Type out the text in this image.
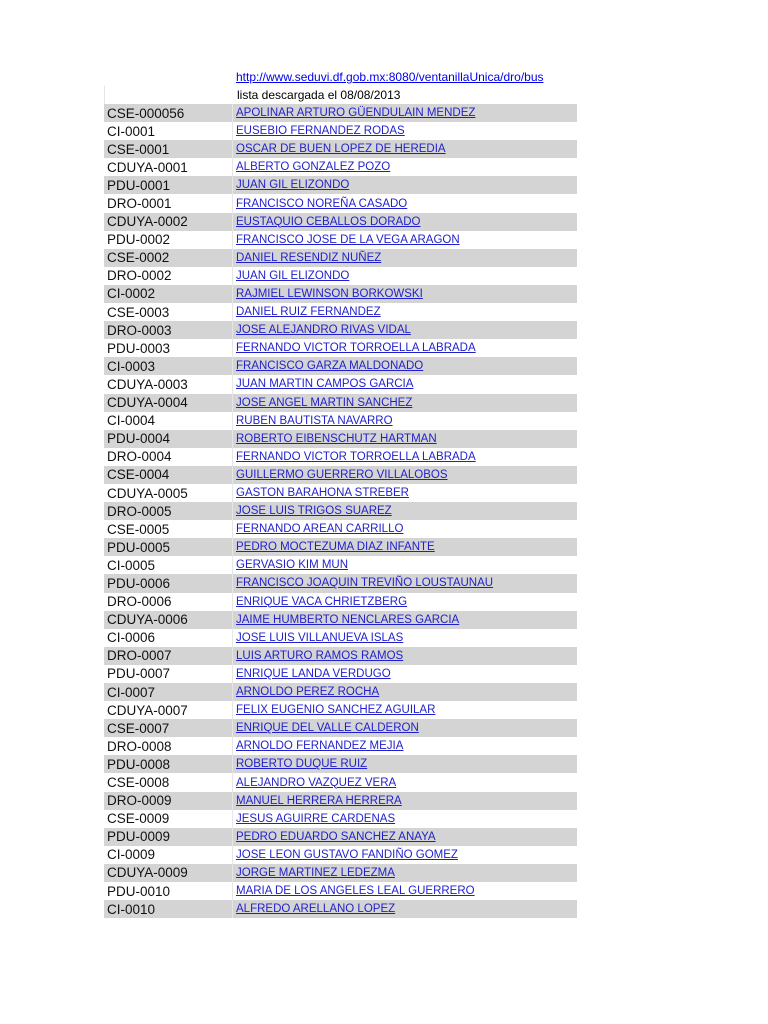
http://www.seduvi.df.gob.mx:8080/ventanillaUnica/dro/bus
lista descargada el 08/08/2013
CSE-000056	APOLINAR ARTURO GÜENDULAIN MENDEZ
CI-0001	EUSEBIO FERNANDEZ RODAS
CSE-0001	OSCAR DE BUEN LOPEZ DE HEREDIA
CDUYA-0001	ALBERTO GONZALEZ POZO
PDU-0001	JUAN GIL ELIZONDO
DRO-0001	FRANCISCO NOREÑA CASADO
CDUYA-0002	EUSTAQUIO CEBALLOS DORADO
PDU-0002	FRANCISCO JOSE DE LA VEGA ARAGON
CSE-0002	DANIEL RESENDIZ NUÑEZ
DRO-0002	JUAN GIL ELIZONDO
CI-0002	RAJMIEL LEWINSON BORKOWSKI
CSE-0003	DANIEL RUIZ FERNANDEZ
DRO-0003	JOSE ALEJANDRO RIVAS VIDAL
PDU-0003	FERNANDO VICTOR TORROELLA LABRADA
CI-0003	FRANCISCO GARZA MALDONADO
CDUYA-0003	JUAN MARTIN CAMPOS GARCIA
CDUYA-0004	JOSE ANGEL MARTIN SANCHEZ
CI-0004	RUBEN BAUTISTA NAVARRO
PDU-0004	ROBERTO EIBENSCHUTZ HARTMAN
DRO-0004	FERNANDO VICTOR TORROELLA LABRADA
CSE-0004	GUILLERMO GUERRERO VILLALOBOS
CDUYA-0005	GASTON BARAHONA STREBER
DRO-0005	JOSE LUIS TRIGOS SUAREZ
CSE-0005	FERNANDO AREAN CARRILLO
PDU-0005	PEDRO MOCTEZUMA DIAZ INFANTE
CI-0005	GERVASIO KIM MUN
PDU-0006	FRANCISCO JOAQUIN TREVIÑO LOUSTAUNAU
DRO-0006	ENRIQUE VACA CHRIETZBERG
CDUYA-0006	JAIME HUMBERTO NENCLARES GARCIA
CI-0006	JOSE LUIS VILLANUEVA ISLAS
DRO-0007	LUIS ARTURO RAMOS RAMOS
PDU-0007	ENRIQUE LANDA VERDUGO
CI-0007	ARNOLDO PEREZ ROCHA
CDUYA-0007	FELIX EUGENIO SANCHEZ AGUILAR
CSE-0007	ENRIQUE DEL VALLE CALDERON
DRO-0008	ARNOLDO FERNANDEZ MEJIA
PDU-0008	ROBERTO DUQUE RUIZ
CSE-0008	ALEJANDRO VAZQUEZ VERA
DRO-0009	MANUEL HERRERA HERRERA
CSE-0009	JESUS AGUIRRE CARDENAS
PDU-0009	PEDRO EDUARDO SANCHEZ ANAYA
CI-0009	JOSE LEON GUSTAVO FANDIÑO GOMEZ
CDUYA-0009	JORGE MARTINEZ LEDEZMA
PDU-0010	MARIA DE LOS ANGELES LEAL GUERRERO
CI-0010	ALFREDO ARELLANO LOPEZ
